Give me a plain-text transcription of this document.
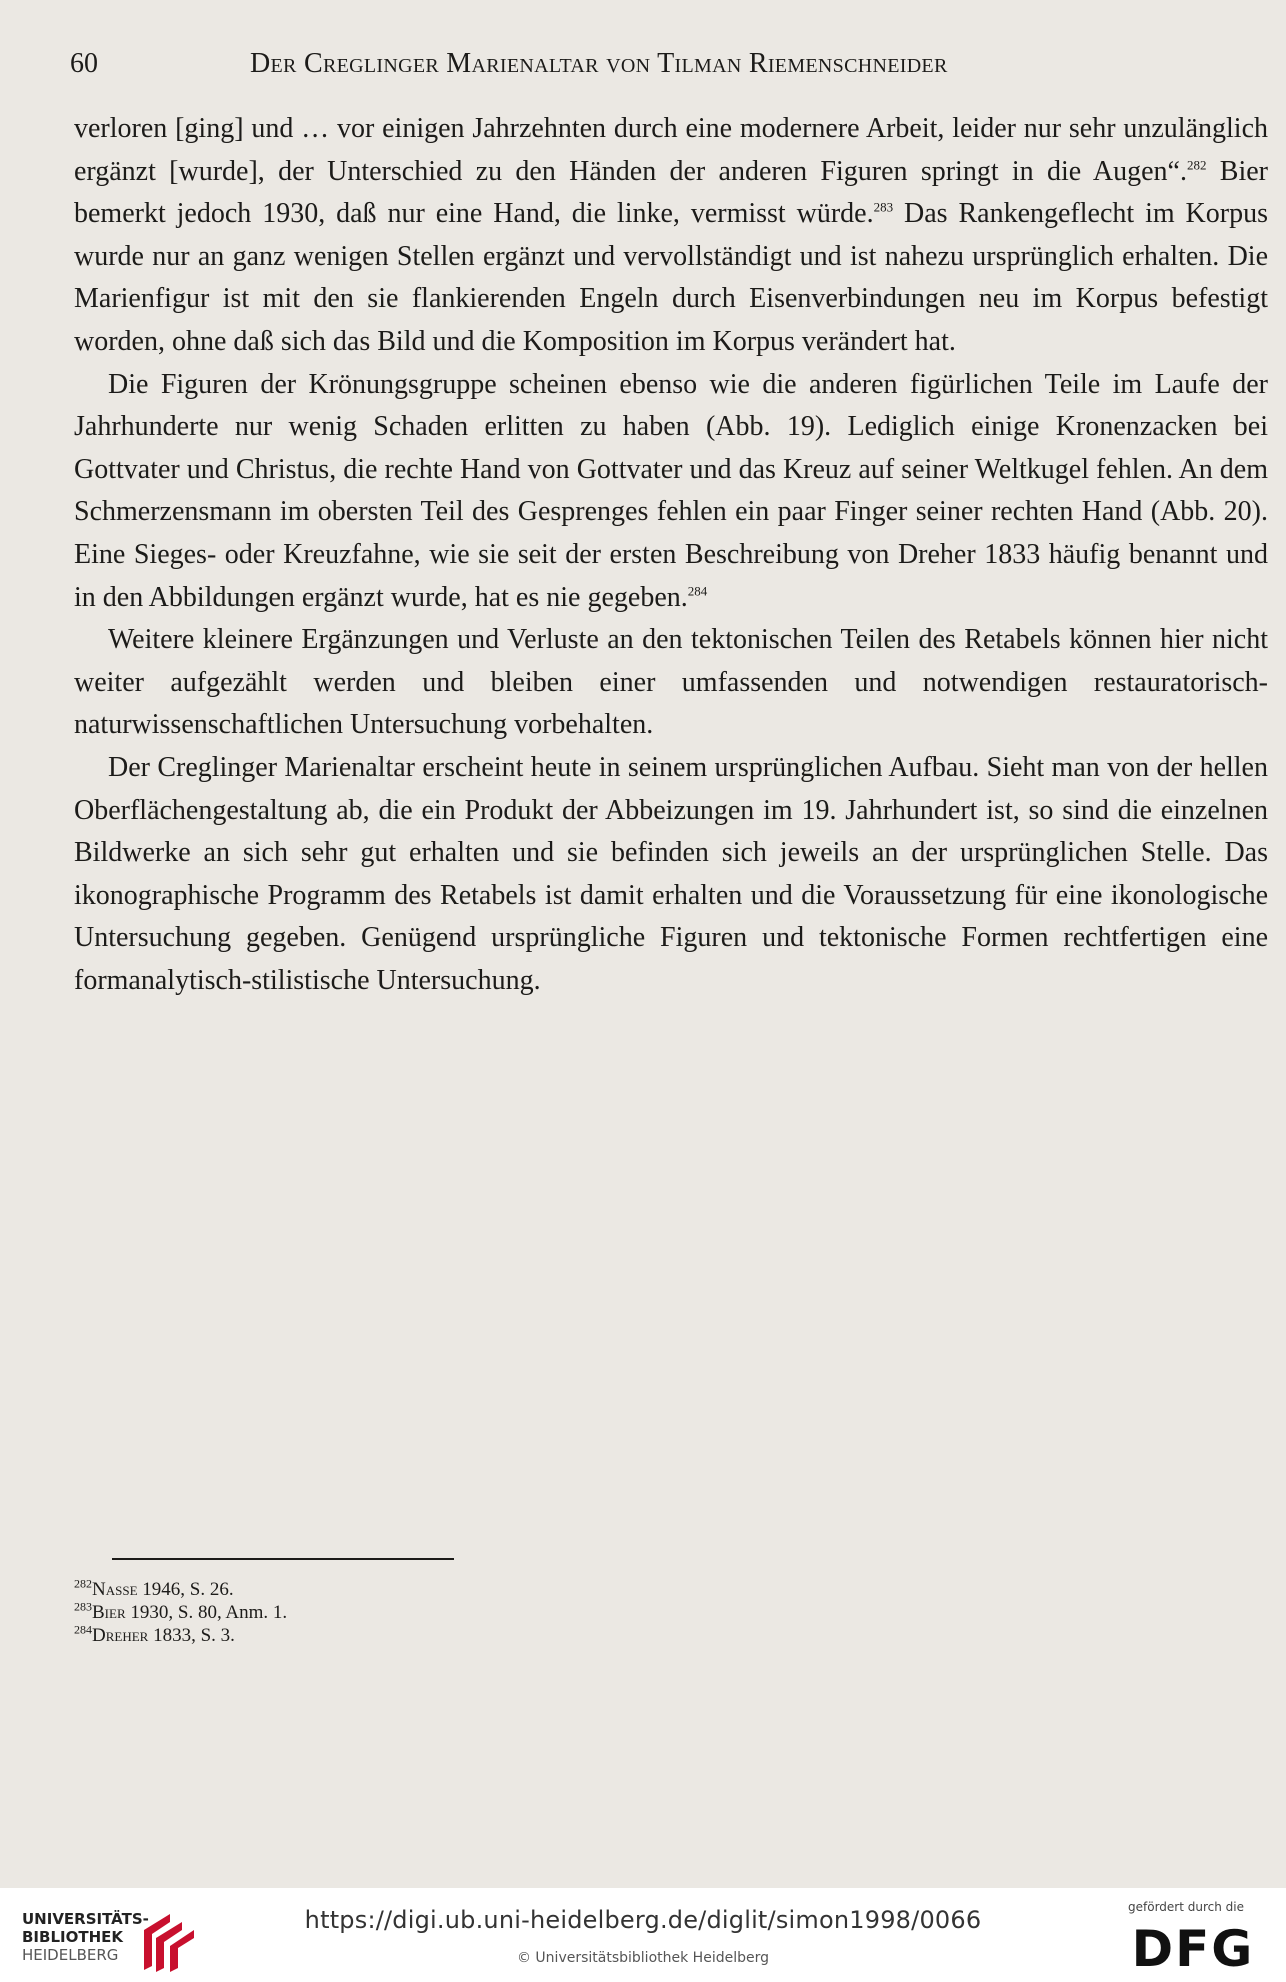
60	Der Creglinger Marienaltar von Tilman Riemenschneider

verloren [ging] und … vor einigen Jahrzehnten durch eine modernere Arbeit, leider nur sehr unzulänglich ergänzt [wurde], der Unterschied zu den Händen der anderen Figuren springt in die Augen“.$^{282}$ Bier bemerkt jedoch 1930, daß nur eine Hand, die linke, vermisst würde.$^{283}$ Das Rankengeflecht im Korpus wurde nur an ganz wenigen Stellen ergänzt und vervollständigt und ist nahezu ursprünglich erhalten. Die Marienfigur ist mit den sie flankierenden Engeln durch Eisenverbindungen neu im Korpus befestigt worden, ohne daß sich das Bild und die Komposition im Korpus verändert hat.

Die Figuren der Krönungsgruppe scheinen ebenso wie die anderen figürlichen Teile im Laufe der Jahrhunderte nur wenig Schaden erlitten zu haben (Abb. 19). Lediglich einige Kronenzacken bei Gottvater und Christus, die rechte Hand von Gottvater und das Kreuz auf seiner Weltkugel fehlen. An dem Schmerzensmann im obersten Teil des Gesprenges fehlen ein paar Finger seiner rechten Hand (Abb. 20). Eine Sieges- oder Kreuzfahne, wie sie seit der ersten Beschreibung von Dreher 1833 häufig benannt und in den Abbildungen ergänzt wurde, hat es nie gegeben.$^{284}$

Weitere kleinere Ergänzungen und Verluste an den tektonischen Teilen des Retabels können hier nicht weiter aufgezählt werden und bleiben einer umfassenden und notwendigen restauratorisch-naturwissenschaftlichen Untersuchung vorbehalten.

Der Creglinger Marienaltar erscheint heute in seinem ursprünglichen Aufbau. Sieht man von der hellen Oberflächengestaltung ab, die ein Produkt der Abbeizungen im 19. Jahrhundert ist, so sind die einzelnen Bildwerke an sich sehr gut erhalten und sie befinden sich jeweils an der ursprünglichen Stelle. Das ikonographische Programm des Retabels ist damit erhalten und die Voraussetzung für eine ikonologische Untersuchung gegeben. Genügend ursprüngliche Figuren und tektonische Formen rechtfertigen eine formanalytisch-stilistische Untersuchung.

$^{282}$Nasse 1946, S. 26.
$^{283}$Bier 1930, S. 80, Anm. 1.
$^{284}$Dreher 1833, S. 3.
UNIVERSITÄTS-
BIBLIOTHEK
HEIDELBERG
https://digi.ub.uni-heidelberg.de/diglit/simon1998/0066
© Universitätsbibliothek Heidelberg
gefördert durch die
DFG
